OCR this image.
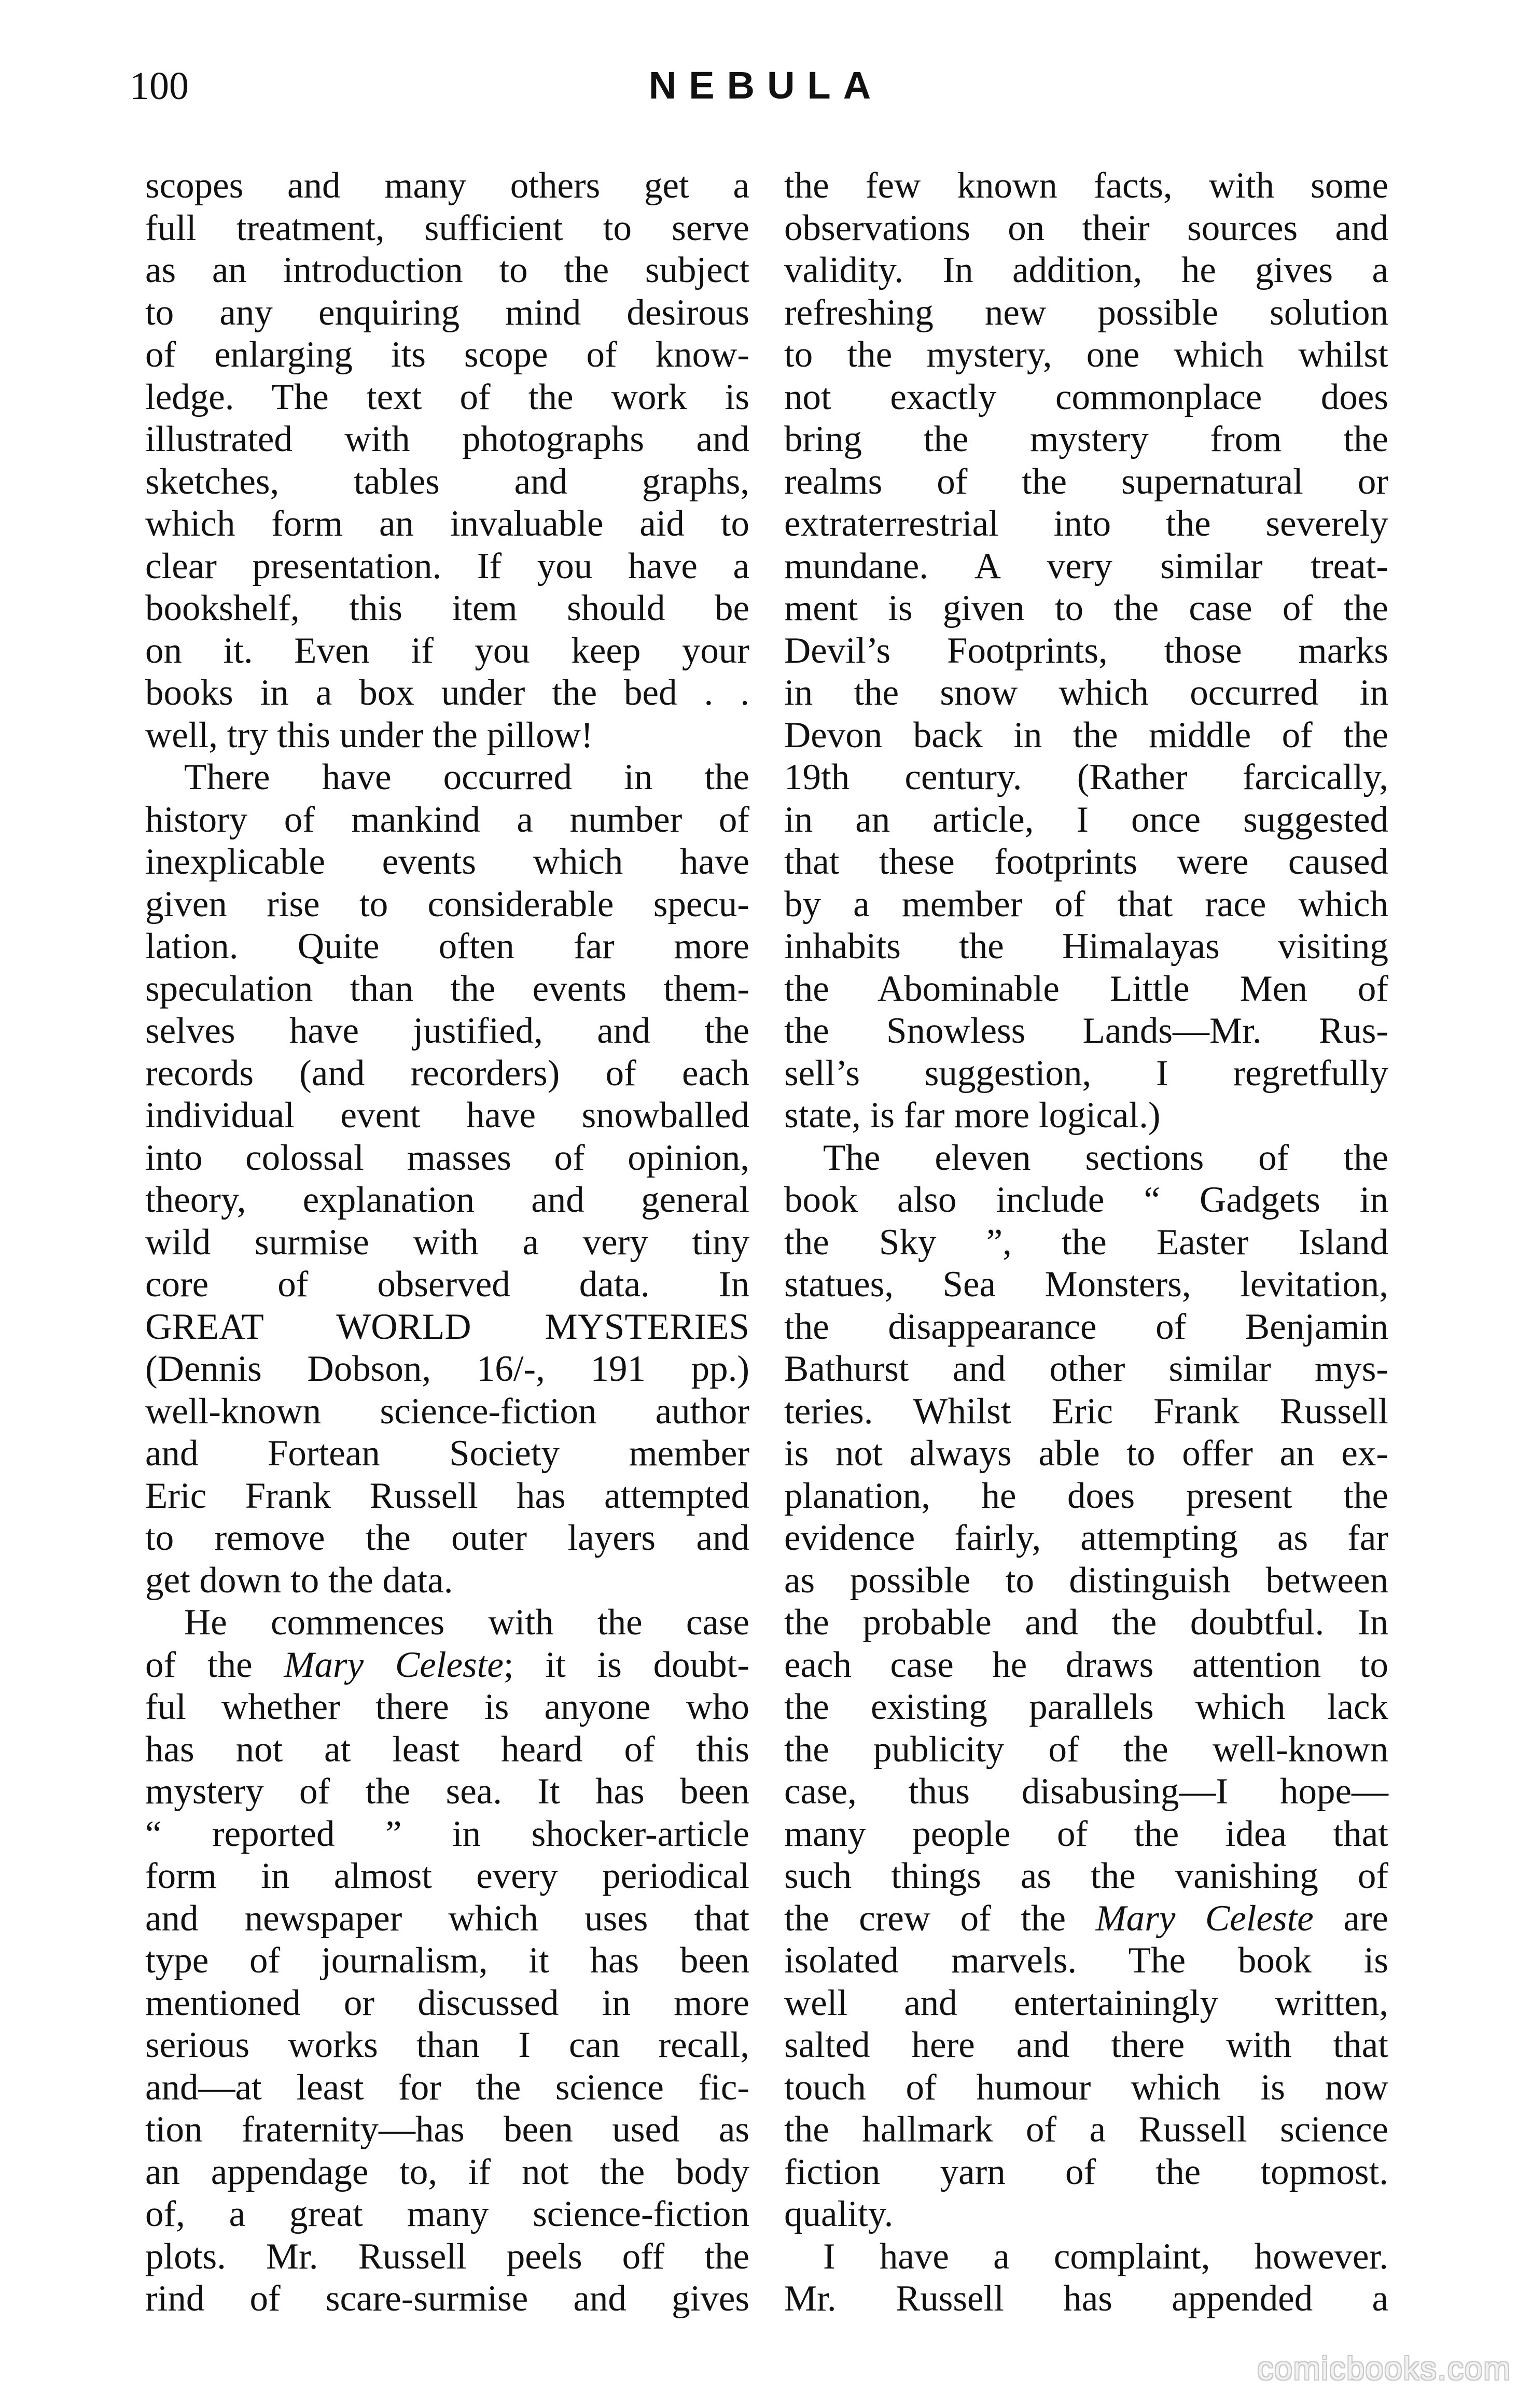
100	NEBULA
scopes and many others get a
full treatment, sufficient to serve
as an introduction to the subject
to any enquiring mind desirous
of enlarging its scope of know-
ledge. The text of the work is
illustrated with photographs and
sketches, tables and graphs,
which form an invaluable aid to
clear presentation. If you have a
bookshelf, this item should be
on it. Even if you keep your
books in a box under the bed . .
well, try this under the pillow!
There have occurred in the
history of mankind a number of
inexplicable events which have
given rise to considerable specu-
lation. Quite often far more
speculation than the events them-
selves have justified, and the
records (and recorders) of each
individual event have snowballed
into colossal masses of opinion,
theory, explanation and general
wild surmise with a very tiny
core of observed data. In
GREAT WORLD MYSTERIES
(Dennis Dobson, 16/-, 191 pp.)
well-known science-fiction author
and Fortean Society member
Eric Frank Russell has attempted
to remove the outer layers and
get down to the data.
He commences with the case
of the Mary Celeste; it is doubt-
ful whether there is anyone who
has not at least heard of this
mystery of the sea. It has been
“ reported ” in shocker-article
form in almost every periodical
and newspaper which uses that
type of journalism, it has been
mentioned or discussed in more
serious works than I can recall,
and—at least for the science fic-
tion fraternity—has been used as
an appendage to, if not the body
of, a great many science-fiction
plots. Mr. Russell peels off the
rind of scare-surmise and gives
the few known facts, with some
observations on their sources and
validity. In addition, he gives a
refreshing new possible solution
to the mystery, one which whilst
not exactly commonplace does
bring the mystery from the
realms of the supernatural or
extraterrestrial into the severely
mundane. A very similar treat-
ment is given to the case of the
Devil’s Footprints, those marks
in the snow which occurred in
Devon back in the middle of the
19th century. (Rather farcically,
in an article, I once suggested
that these footprints were caused
by a member of that race which
inhabits the Himalayas visiting
the Abominable Little Men of
the Snowless Lands—Mr. Rus-
sell’s suggestion, I regretfully
state, is far more logical.)
The eleven sections of the
book also include “ Gadgets in
the Sky ”, the Easter Island
statues, Sea Monsters, levitation,
the disappearance of Benjamin
Bathurst and other similar mys-
teries. Whilst Eric Frank Russell
is not always able to offer an ex-
planation, he does present the
evidence fairly, attempting as far
as possible to distinguish between
the probable and the doubtful. In
each case he draws attention to
the existing parallels which lack
the publicity of the well-known
case, thus disabusing—I hope—
many people of the idea that
such things as the vanishing of
the crew of the Mary Celeste are
isolated marvels. The book is
well and entertainingly written,
salted here and there with that
touch of humour which is now
the hallmark of a Russell science
fiction yarn of the topmost.
quality.
I have a complaint, however.
Mr. Russell has appended a
comicbooks.com
